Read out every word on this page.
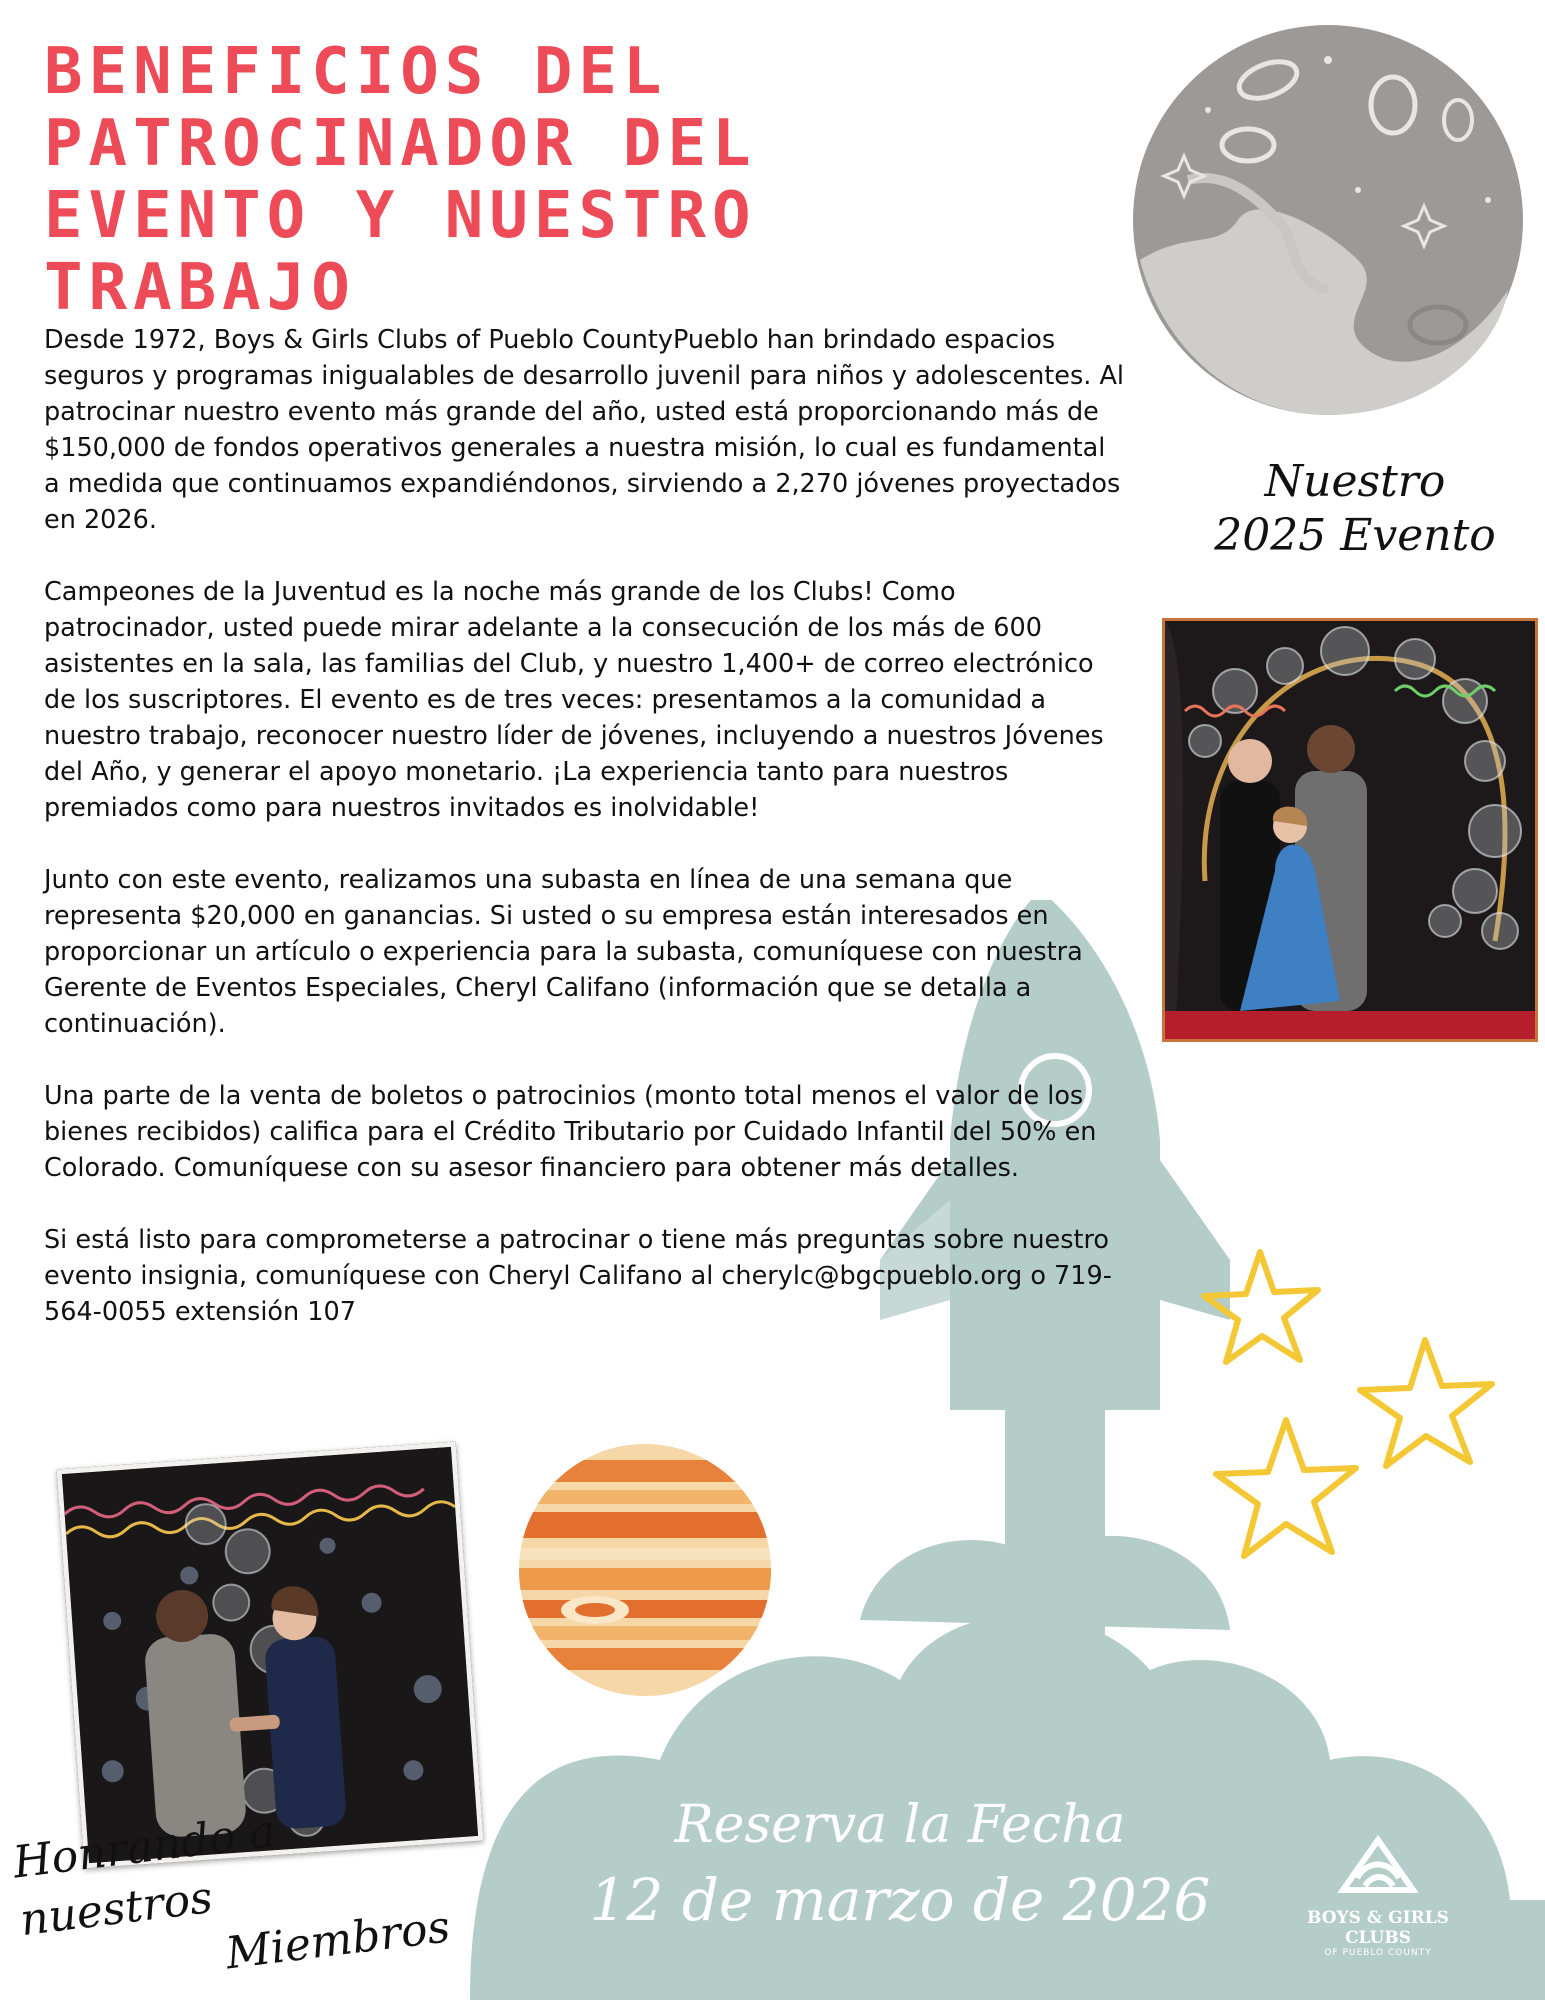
BENEFICIOS DEL PATROCINADOR DEL EVENTO Y NUESTRO TRABAJO

Desde 1972, Boys & Girls Clubs of Pueblo CountyPueblo han brindado espacios seguros y programas inigualables de desarrollo juvenil para niños y adolescentes. Al patrocinar nuestro evento más grande del año, usted está proporcionando más de $150,000 de fondos operativos generales a nuestra misión, lo cual es fundamental a medida que continuamos expandiéndonos, sirviendo a 2,270 jóvenes proyectados en 2026.

Campeones de la Juventud es la noche más grande de los Clubs! Como patrocinador, usted puede mirar adelante a la consecución de los más de 600 asistentes en la sala, las familias del Club, y nuestro 1,400+ de correo electrónico de los suscriptores. El evento es de tres veces: presentamos a la comunidad a nuestro trabajo, reconocer nuestro líder de jóvenes, incluyendo a nuestros Jóvenes del Año, y generar el apoyo monetario. ¡La experiencia tanto para nuestros premiados como para nuestros invitados es inolvidable!

Junto con este evento, realizamos una subasta en línea de una semana que representa $20,000 en ganancias. Si usted o su empresa están interesados en proporcionar un artículo o experiencia para la subasta, comuníquese con nuestra Gerente de Eventos Especiales, Cheryl Califano (información que se detalla a continuación).

Una parte de la venta de boletos o patrocinios (monto total menos el valor de los bienes recibidos) califica para el Crédito Tributario por Cuidado Infantil del 50% en Colorado. Comuníquese con su asesor financiero para obtener más detalles.

Si está listo para comprometerse a patrocinar o tiene más preguntas sobre nuestro evento insignia, comuníquese con Cheryl Califano al cherylc@bgcpueblo.org o 719-564-0055 extensión 107

Nuestro
2025 Evento
Honrando a nuestros Miembros
Reserva la Fecha
12 de marzo de 2026	BOYS & GIRLS CLUBS
OF PUEBLO COUNTY
